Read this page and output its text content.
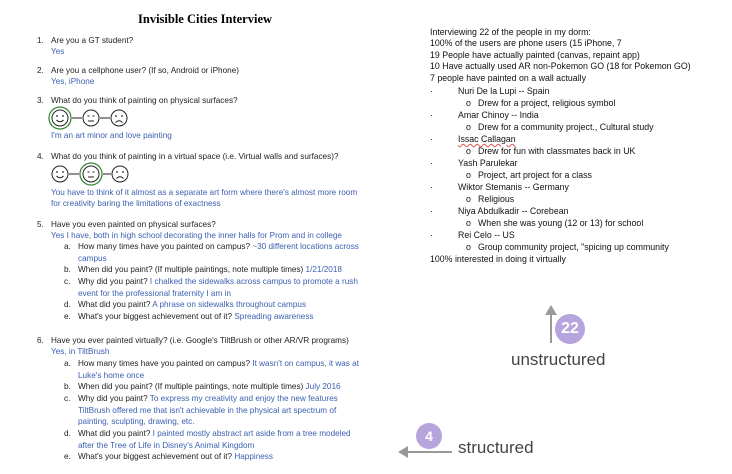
Invisible Cities Interview
1. Are you a GT student?
Yes
2. Are you a cellphone user? (If so, Android or iPhone)
Yes, iPhone
3. What do you think of painting on physical surfaces?
I'm an art minor and love painting
4. What do you think of painting in a virtual space (i.e. Virtual walls and surfaces)?
You have to think of it almost as a separate art form where there's almost more room
for creativity baring the limitations of exactness
5. Have you even painted on physical surfaces?
Yes I have, both in high school decorating the inner halls for Prom and in college
a. How many times have you painted on campus? ~30 different locations across
campus
b. When did you paint? (If multiple paintings, note multiple times) 1/21/2018
c. Why did you paint? I chalked the sidewalks across campus to promote a rush
event for the professional fraternity I am in
d. What did you paint? A phrase on sidewalks throughout campus
e. What's your biggest achievement out of it? Spreading awareness
6. Have you ever painted virtually? (i.e. Google's TiltBrush or other AR/VR programs)
Yes, in TiltBrush
a. How many times have you painted on campus? It wasn't on campus, it was at
Luke's home once
b. When did you paint? (If multiple paintings, note multiple times) July 2016
c. Why did you paint? To express my creativity and enjoy the new features
TiltBrush offered me that isn't achievable in the physical art spectrum of
painting, sculpting, drawing, etc.
d. What did you paint? I painted mostly abstract art aside from a tree modeled
after the Tree of Life in Disney's Animal Kingdom
e. What's your biggest achievement out of it? Happiness
Interviewing 22 of the people in my dorm:
100% of the users are phone users (15 iPhone, 7
19 People have actually painted (canvas, repaint app)
10 Have actually used AR non-Pokemon GO (18 for Pokemon GO)
7 people have painted on a wall actually
·	Nuri De la Lupi -- Spain
o Drew for a project, religious symbol
·	Amar Chinoy -- India
o Drew for a community project., Cultural study
·	Issac Callagan
o Drew for fun with classmates back in UK
·	Yash Parulekar
o Project, art project for a class
·	Wiktor Stemanis -- Germany
o Religious
·	Niya Abdulkadir -- Corebean
o When she was young (12 or 13) for school
·	Rei Celo -- US
o Group community project, "spicing up community
100% interested in doing it virtually
22
unstructured
4
structured
